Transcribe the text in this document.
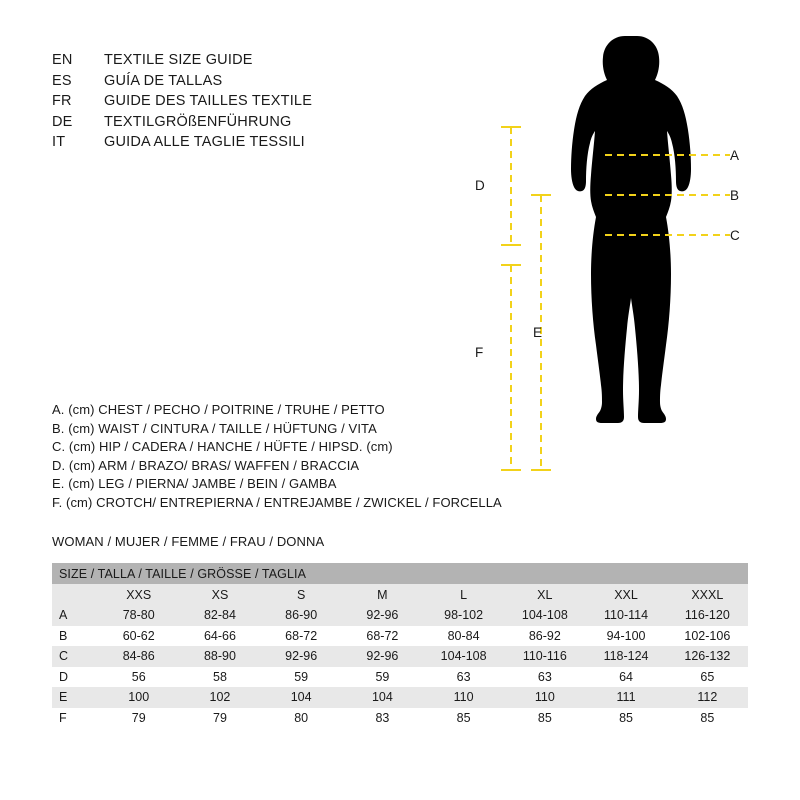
EN	TEXTILE SIZE GUIDE
ES	GUÍA DE TALLAS
FR	GUIDE DES TAILLES TEXTILE
DE	TEXTILGRÖßENFÜHRUNG
IT	GUIDA ALLE TAGLIE TESSILI
A. (cm) CHEST / PECHO / POITRINE / TRUHE / PETTO
B. (cm) WAIST / CINTURA / TAILLE / HÜFTUNG / VITA
C. (cm) HIP / CADERA / HANCHE / HÜFTE / HIPSD. (cm)
D. (cm) ARM / BRAZO/ BRAS/ WAFFEN / BRACCIA
E. (cm) LEG / PIERNA/ JAMBE / BEIN / GAMBA
F. (cm) CROTCH/ ENTREPIERNA / ENTREJAMBE / ZWICKEL / FORCELLA
WOMAN / MUJER / FEMME / FRAU / DONNA
SIZE / TALLA / TAILLE / GRÖSSE / TAGLIA								
	XXS	XS	S	M	L	XL	XXL	XXXL
A	78-80	82-84	86-90	92-96	98-102	104-108	110-114	116-120
B	60-62	64-66	68-72	68-72	80-84	86-92	94-100	102-106
C	84-86	88-90	92-96	92-96	104-108	110-116	118-124	126-132
D	56	58	59	59	63	63	64	65
E	100	102	104	104	110	110	111	112
F	79	79	80	83	85	85	85	85
A
B
C
D
E
F
